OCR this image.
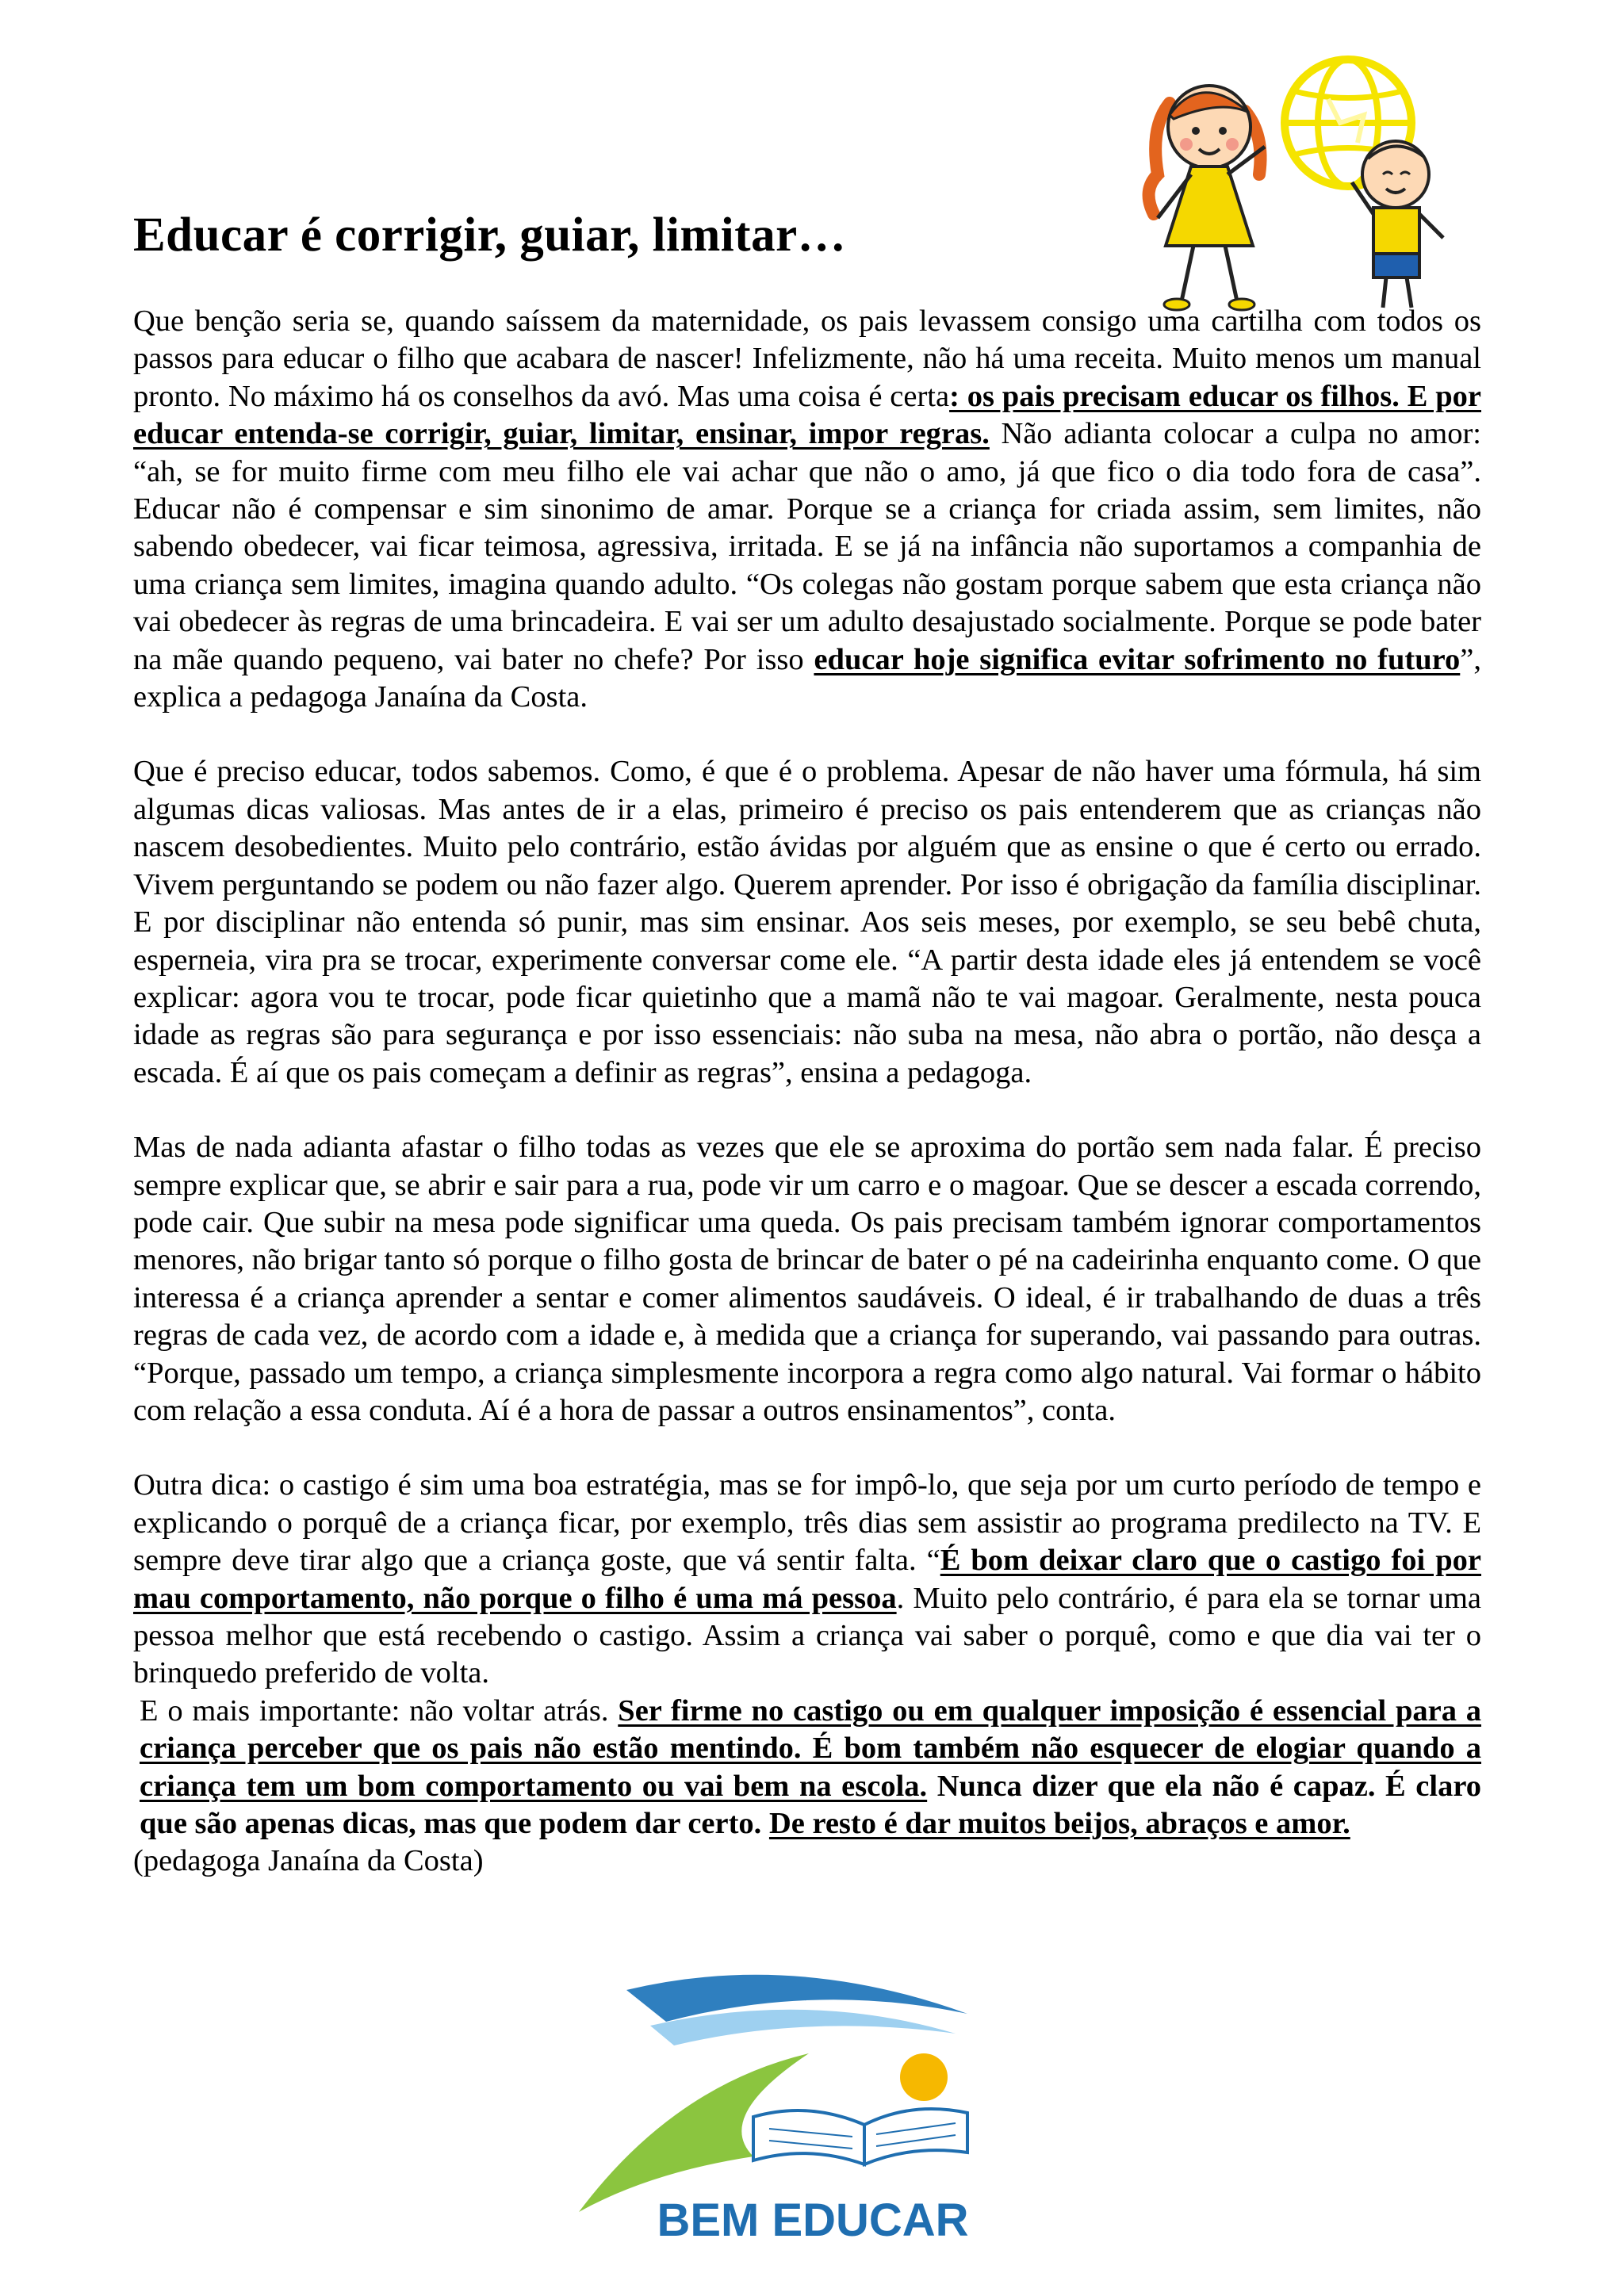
Educar é corrigir, guiar, limitar…

Que benção seria se, quando saíssem da maternidade, os pais levassem consigo uma cartilha com todos os passos para educar o filho que acabara de nascer! Infelizmente, não há uma receita. Muito menos um manual pronto. No máximo há os conselhos da avó. Mas uma coisa é certa: os pais precisam educar os filhos. E por educar entenda-se corrigir, guiar, limitar, ensinar, impor regras. Não adianta colocar a culpa no amor: “ah, se for muito firme com meu filho ele vai achar que não o amo, já que fico o dia todo fora de casa”. Educar não é compensar e sim sinonimo de amar. Porque se a criança for criada assim, sem limites, não sabendo obedecer, vai ficar teimosa, agressiva, irritada. E se já na infância não suportamos a companhia de uma criança sem limites, imagina quando adulto. “Os colegas não gostam porque sabem que esta criança não vai obedecer às regras de uma brincadeira. E vai ser um adulto desajustado socialmente. Porque se pode bater na mãe quando pequeno, vai bater no chefe? Por isso educar hoje significa evitar sofrimento no futuro”, explica a pedagoga Janaína da Costa.

Que é preciso educar, todos sabemos. Como, é que é o problema. Apesar de não haver uma fórmula, há sim algumas dicas valiosas. Mas antes de ir a elas, primeiro é preciso os pais entenderem que as crianças não nascem desobedientes. Muito pelo contrário, estão ávidas por alguém que as ensine o que é certo ou errado. Vivem perguntando se podem ou não fazer algo. Querem aprender. Por isso é obrigação da família disciplinar. E por disciplinar não entenda só punir, mas sim ensinar. Aos seis meses, por exemplo, se seu bebê chuta, esperneia, vira pra se trocar, experimente conversar come ele. “A partir desta idade eles já entendem se você explicar: agora vou te trocar, pode ficar quietinho que a mamã não te vai magoar. Geralmente, nesta pouca idade as regras são para segurança e por isso essenciais: não suba na mesa, não abra o portão, não desça a escada. É aí que os pais começam a definir as regras”, ensina a pedagoga.

Mas de nada adianta afastar o filho todas as vezes que ele se aproxima do portão sem nada falar. É preciso sempre explicar que, se abrir e sair para a rua, pode vir um carro e o magoar. Que se descer a escada correndo, pode cair. Que subir na mesa pode significar uma queda. Os pais precisam também ignorar comportamentos menores, não brigar tanto só porque o filho gosta de brincar de bater o pé na cadeirinha enquanto come. O que interessa é a criança aprender a sentar e comer alimentos saudáveis. O ideal, é ir trabalhando de duas a três regras de cada vez, de acordo com a idade e, à medida que a criança for superando, vai passando para outras. “Porque, passado um tempo, a criança simplesmente incorpora a regra como algo natural. Vai formar o hábito com relação a essa conduta. Aí é a hora de passar a outros ensinamentos”, conta.

Outra dica: o castigo é sim uma boa estratégia, mas se for impô-lo, que seja por um curto período de tempo e explicando o porquê de a criança ficar, por exemplo, três dias sem assistir ao programa predilecto na TV. E sempre deve tirar algo que a criança goste, que vá sentir falta. “É bom deixar claro que o castigo foi por mau comportamento, não porque o filho é uma má pessoa. Muito pelo contrário, é para ela se tornar uma pessoa melhor que está recebendo o castigo. Assim a criança vai saber o porquê, como e que dia vai ter o brinquedo preferido de volta.

E o mais importante: não voltar atrás. Ser firme no castigo ou em qualquer imposição é essencial para a criança perceber que os pais não estão mentindo. É bom também não esquecer de elogiar quando a criança tem um bom comportamento ou vai bem na escola. Nunca dizer que ela não é capaz. É claro que são apenas dicas, mas que podem dar certo. De resto é dar muitos beijos, abraços e amor.

(pedagoga Janaína da Costa)

BEM EDUCAR
